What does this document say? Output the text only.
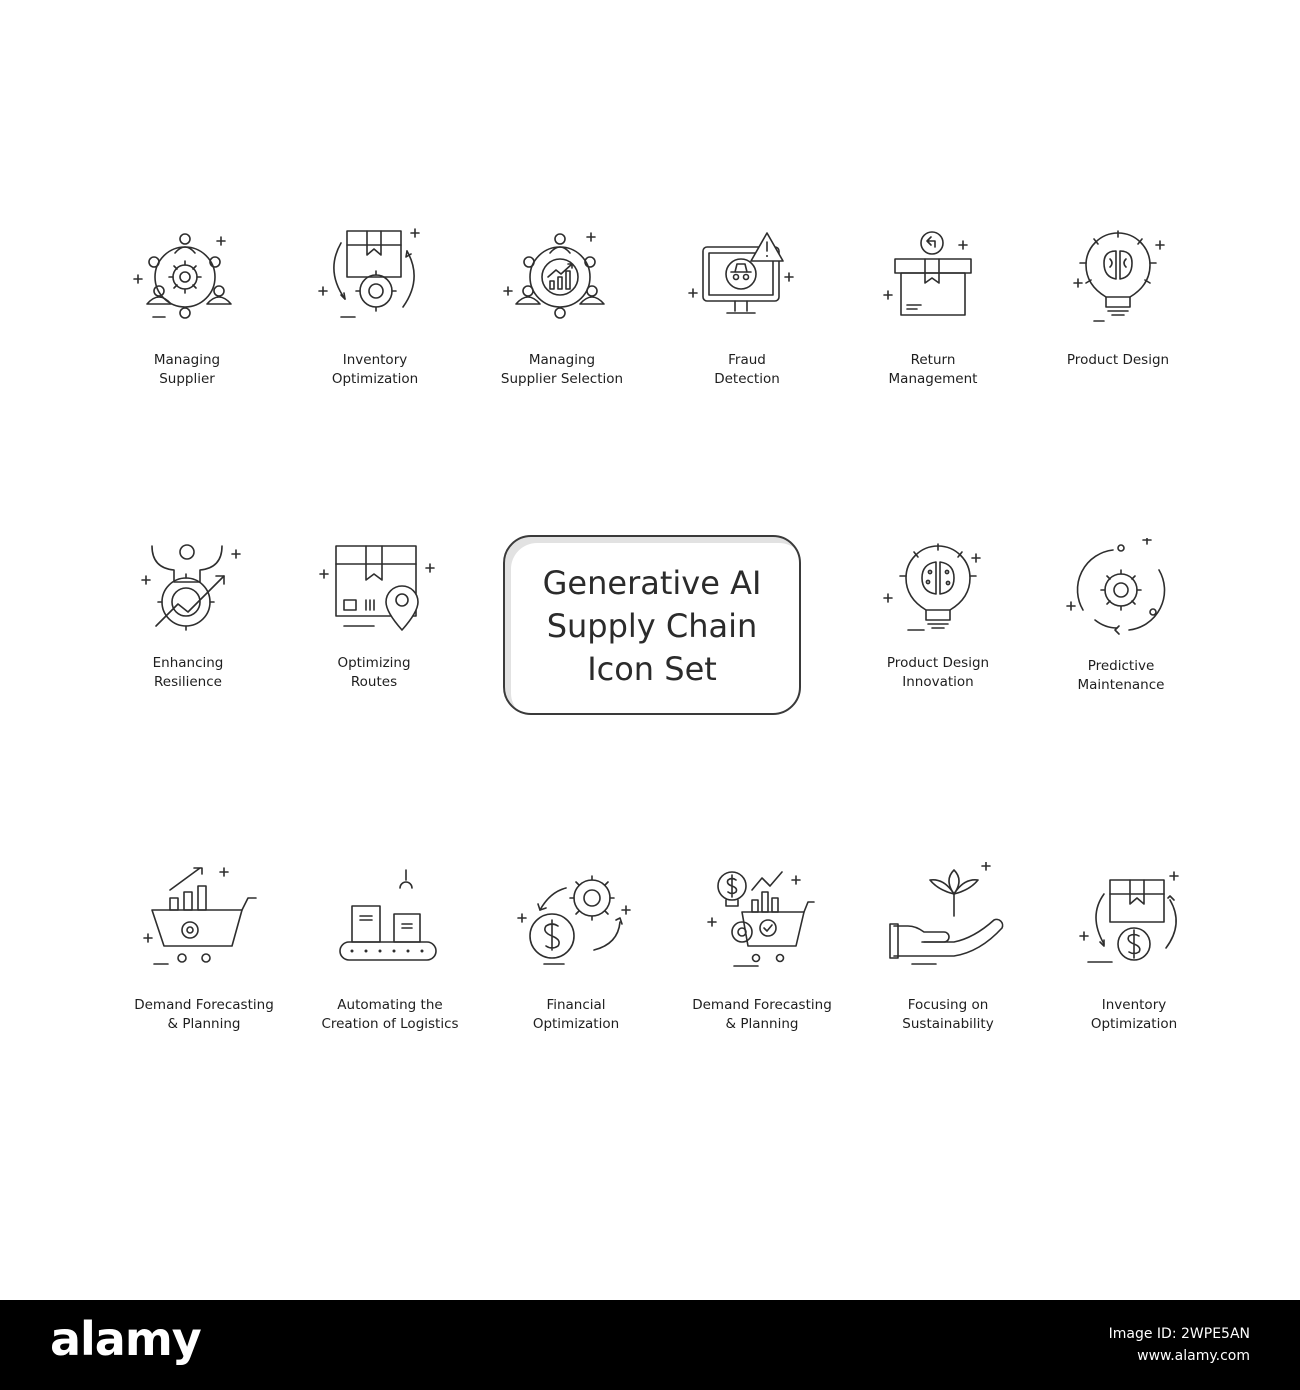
Managing
Supplier
Inventory
Optimization
Managing
Supplier Selection
Fraud
Detection
Return
Management
Product Design
Enhancing
Resilience
Optimizing
Routes
Generative AI
Supply Chain
Icon Set	Product Design
Innovation
Predictive
Maintenance
Demand Forecasting
& Planning
Automating the
Creation of Logistics
Financial
Optimization
Demand Forecasting
& Planning
Focusing on
Sustainability
Inventory
Optimization
alamy	Image ID: 2WPE5AN
www.alamy.com
